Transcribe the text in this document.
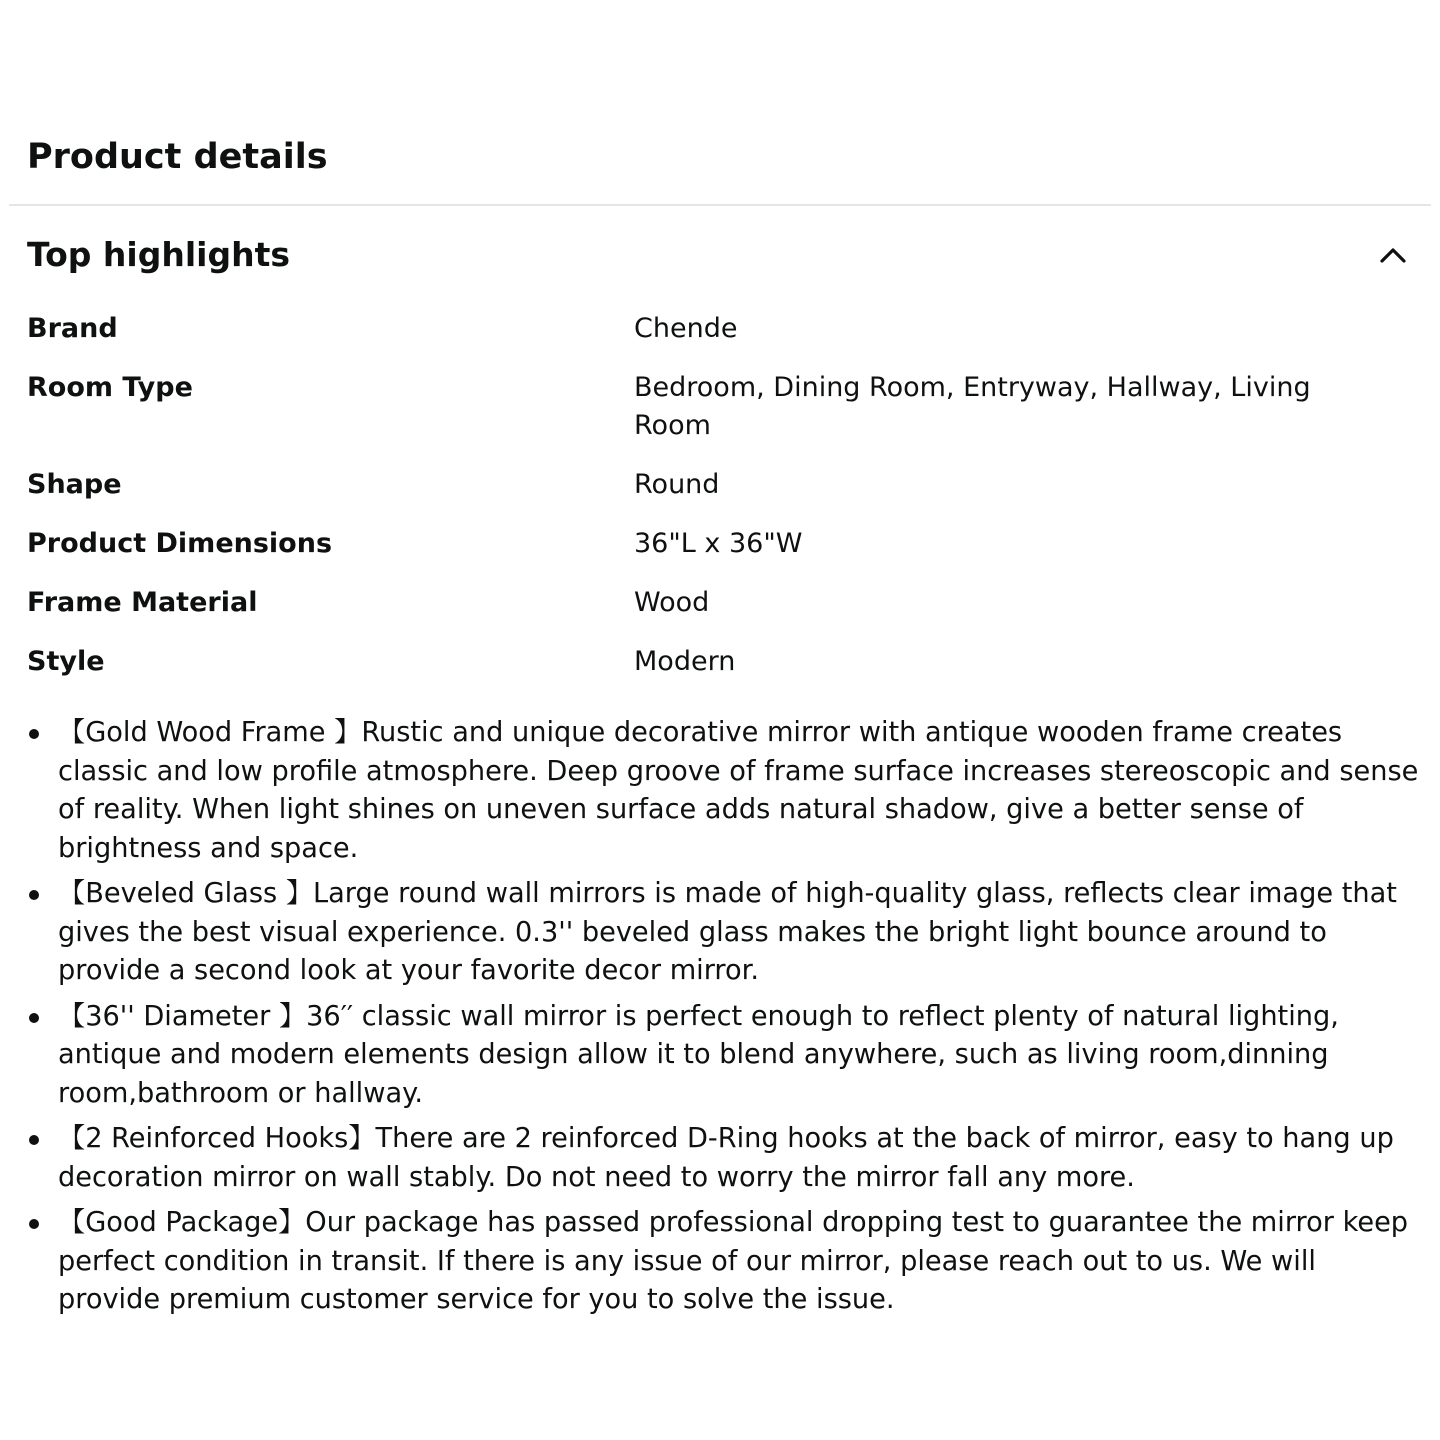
Product details
Top highlights
Brand	Chende
Room Type	Bedroom, Dining Room, Entryway, Hallway, Living Room
Shape	Round
Product Dimensions	36"L x 36"W
Frame Material	Wood
Style	Modern
【Gold Wood Frame 】Rustic and unique decorative mirror with antique wooden frame creates classic and low profile atmosphere. Deep groove of frame surface increases stereoscopic and sense of reality. When light shines on uneven surface adds natural shadow, give a better sense of brightness and space.
【Beveled Glass 】Large round wall mirrors is made of high-quality glass, reflects clear image that gives the best visual experience. 0.3'' beveled glass makes the bright light bounce around to provide a second look at your favorite decor mirror.
【36'' Diameter 】36′′ classic wall mirror is perfect enough to reflect plenty of natural lighting, antique and modern elements design allow it to blend anywhere, such as living room,dinning room,bathroom or hallway.
【2 Reinforced Hooks】There are 2 reinforced D-Ring hooks at the back of mirror, easy to hang up decoration mirror on wall stably. Do not need to worry the mirror fall any more.
【Good Package】Our package has passed professional dropping test to guarantee the mirror keep perfect condition in transit. If there is any issue of our mirror, please reach out to us. We will provide premium customer service for you to solve the issue.
